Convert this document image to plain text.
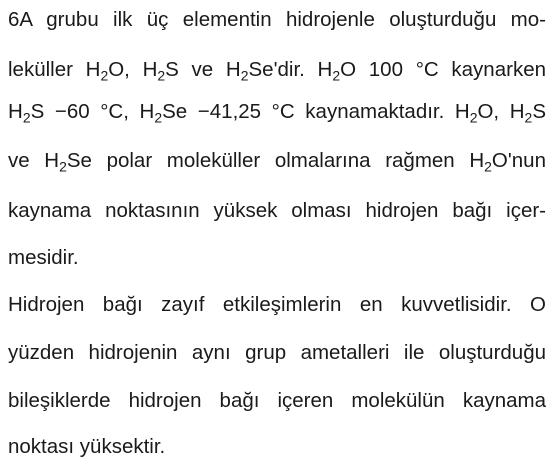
6A grubu ilk üç elementin hidrojenle oluşturduğu mo-
leküller $H_2O$, $H_2S$ ve $H_2Se'dir$. $H_2O$ 100 °C kaynarken
$H_2S -60$ °C, $H_2Se -41,25$ °C kaynamaktadır. $H_2O$, $H_2S$
ve $H_2Se$ polar moleküller olmalarına rağmen $H_2O'nun$
kaynama noktasının yüksek olması hidrojen bağı içer-
mesidir.
Hidrojen bağı zayıf etkileşimlerin en kuvvetlisidir. O
yüzden hidrojenin aynı grup ametalleri ile oluşturduğu
bileşiklerde hidrojen bağı içeren molekülün kaynama
noktası yüksektir.
